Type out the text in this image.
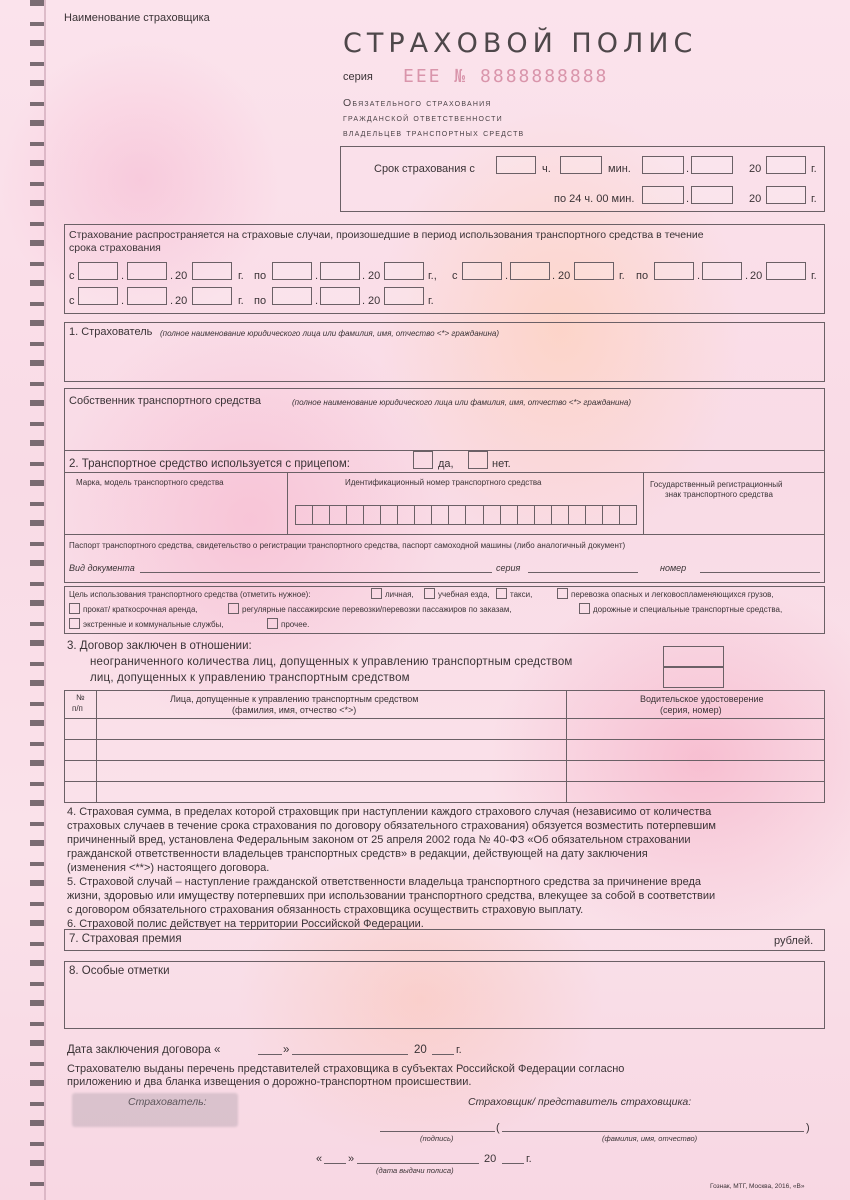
Наименование страховщика
СТРАХОВОЙ ПОЛИС
серия ЕЕЕ № 8888888888
Обязательного страхования
гражданской ответственности
владельцев транспортных средств
Срок страхования с	ч.	мин.	.	20	г.
по 24 ч. 00 мин.	.	20	г.
Страхование распространяется на страховые случаи, произошедшие в период использования транспортного средства в течение
срока страхования
с	.	. 20	г. по	.	. 20	г., с	.	. 20	г. по	.	. 20	г.
с	.	. 20	г. по	.	. 20	г.
1. Страхователь (полное наименование юридического лица или фамилия, имя, отчество <*> гражданина)
Собственник транспортного средства	(полное наименование юридического лица или фамилия, имя, отчество <*> гражданина)
2. Транспортное средство используется с прицепом:	да,	нет.
Марка, модель транспортного средства	Идентификационный номер транспортного средства	Государственный регистрационный
знак транспортного средства
Паспорт транспортного средства, свидетельство о регистрации транспортного средства, паспорт самоходной машины (либо аналогичный документ)
Вид документа	серия	номер
Цель использования транспортного средства (отметить нужное):	личная,	учебная езда,	такси,	перевозка опасных и легковоспламеняющихся грузов,
прокат/ краткосрочная аренда,	регулярные пассажирские перевозки/перевозки пассажиров по заказам,	дорожные и специальные транспортные средства,
экстренные и коммунальные службы,	прочее.
3. Договор заключен в отношении:
неограниченного количества лиц, допущенных к управлению транспортным средством
лиц, допущенных к управлению транспортным средством
№
п/п
Лица, допущенные к управлению транспортным средством
(фамилия, имя, отчество <*>)
Водительское удостоверение
(серия, номер)
4. Страховая сумма, в пределах которой страховщик при наступлении каждого страхового случая (независимо от количества
страховых случаев в течение срока страхования по договору обязательного страхования) обязуется возместить потерпевшим
причиненный вред, установлена Федеральным законом от 25 апреля 2002 года № 40-ФЗ «Об обязательном страховании
гражданской ответственности владельцев транспортных средств» в редакции, действующей на дату заключения
(изменения <**>) настоящего договора.
5. Страховой случай – наступление гражданской ответственности владельца транспортного средства за причинение вреда
жизни, здоровью или имуществу потерпевших при использовании транспортного средства, влекущее за собой в соответствии
с договором обязательного страхования обязанность страховщика осуществить страховую выплату.
6. Страховой полис действует на территории Российской Федерации.
7. Страховая премия	рублей.
8. Особые отметки
Дата заключения договора «	»	20	г.
Страхователю выданы перечень представителей страховщика в субъектах Российской Федерации согласно
приложению и два бланка извещения о дорожно-транспортном происшествии.
Страхователь:	Страховщик/ представитель страховщика:
(	)
(подпись)	(фамилия, имя, отчество)
« »	20	г.
(дата выдачи полиса)
Гознак, МТГ, Москва, 2016, «В»
